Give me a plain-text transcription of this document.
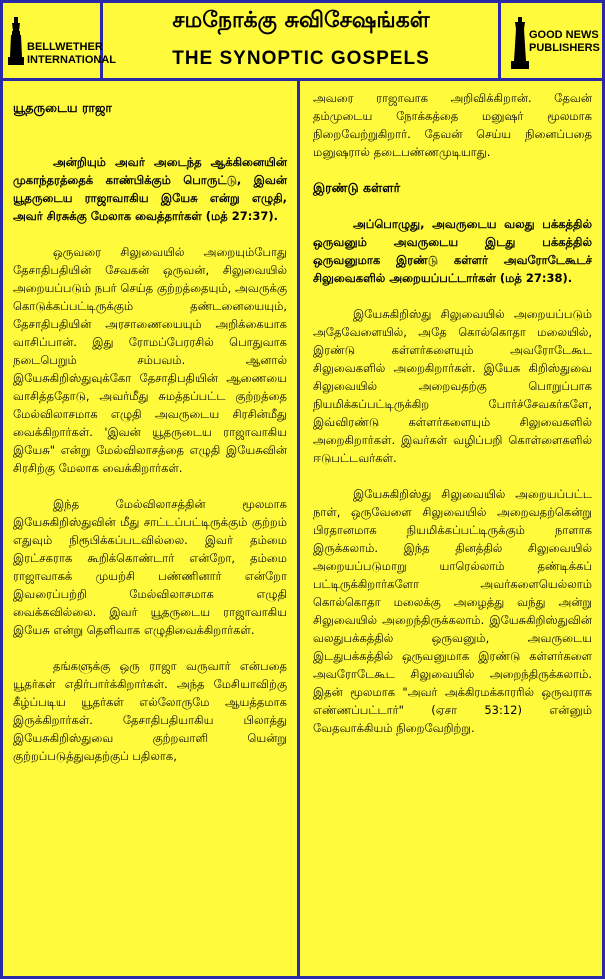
BELLWETHER
INTERNATIONAL
சமநோக்கு சுவிசேஷங்கள்
THE SYNOPTIC GOSPELS
GOOD NEWS
PUBLISHERS
யூதருடைய ராஜா

அன்றியும் அவர் அடைந்த ஆக்கினையின் முகாந்தரத்தைக் காண்பிக்கும் பொருட்டு, இவன் யூதருடைய ராஜாவாகிய இயேசு என்று எழுதி, அவர் சிரசுக்கு மேலாக வைத்தார்கள் (மத் 27:37).

ஒருவரை சிலுவையில் அறையும்போது தேசாதிபதியின் சேவகன் ஒருவன், சிலுவையில் அறையப்படும் நபர் செய்த குற்றத்தையும், அவருக்கு கொடுக்கப்பட்டிருக்கும் தண்டனையையும், தேசாதிபதியின் அரசாணையையும் அறிக்கையாக வாசிப்பான். இது ரோமப்பேரரசில் பொதுவாக நடைபெறும் சம்பவம். ஆனால் இயேசுகிறிஸ்துவுக்கோ தேசாதிபதியின் ஆணையை வாசித்ததோடு, அவர்மீது சுமத்தப்பட்ட குற்றத்தை மேல்விலாசமாக எழுதி அவருடைய சிரசின்மீது வைக்கிறார்கள். 'இவன் யூதருடைய ராஜாவாகிய இயேசு" என்று மேல்விலாசத்தை எழுதி இயேசுவின் சிரசிற்கு மேலாக வைக்கிறார்கள்.

இந்த மேல்விலாசத்தின் மூலமாக இயேசுகிறிஸ்துவின் மீது சாட்டப்பட்டிருக்கும் குற்றம் எதுவும் நிரூபிக்கப்படவில்லை. இவர் தம்மை இரட்சகராக கூறிக்கொண்டார் என்றோ, தம்மை ராஜாவாகக் முயற்சி பண்ணினார் என்றோ இவரைப்பற்றி மேல்விலாசமாக எழுதி வைக்கவில்லை. இவர் யூதருடைய ராஜாவாகிய இயேசு என்று தெளிவாக எழுதிவைக்கிறார்கள்.

தங்களுக்கு ஒரு ராஜா வருவார் என்பதை யூதர்கள் எதிர்பார்க்கிறார்கள். அந்த மேசியாவிற்கு கீழ்ப்படிய யூதர்கள் எல்லோருமே ஆயத்தமாக இருக்கிறார்கள். தேசாதிபதியாகிய பிலாத்து இயேசுகிறிஸ்துவை குற்றவாளி யென்று குற்றப்படுத்துவதற்குப் பதிலாக,

அவரை ராஜாவாக அறிவிக்கிறான். தேவன் தம்முடைய நோக்கத்தை மனுஷர் மூலமாக நிறைவேற்றுகிறார். தேவன் செய்ய நினைப்பதை மனுஷரால் தடைபண்ணமுடியாது.

இரண்டு கள்ளர்

அப்பொழுது, அவருடைய வலது பக்கத்தில் ஒருவனும் அவருடைய இடது பக்கத்தில் ஒருவனுமாக இரண்டு கள்ளர் அவரோடேகூடச் சிலுவைகளில் அறையப்பட்டார்கள் (மத் 27:38).

இயேசுகிறிஸ்து சிலுவையில் அறையப்படும் அதேவேளையில், அதே கொல்கொதா மலையில், இரண்டு கள்ளர்களையும் அவரோடேகூட சிலுவைகளில் அறைகிறார்கள். இயேசு கிறிஸ்துவை சிலுவையில் அறைவதற்கு பொறுப்பாக நியமிக்கப்பட்டிருக்கிற போர்ச்சேவகர்களே, இவ்விரண்டு கள்ளர்களையும் சிலுவைகளில் அறைகிறார்கள். இவர்கள் வழிப்பறி கொள்ளைகளில் ஈடுபட்டவர்கள்.

இயேசுகிறிஸ்து சிலுவையில் அறையப்பட்ட நாள், ஒருவேளை சிலுவையில் அறைவதற்கென்று பிரதானமாக நியமிக்கப்பட்டிருக்கும் நாளாக இருக்கலாம். இந்த தினத்தில் சிலுவையில் அறையப்படுமாறு யாரெல்லாம் தண்டிக்கப் பட்டிருக்கிறார்களோ அவர்களையெல்லாம் கொல்கொதா மலைக்கு அழைத்து வந்து அன்று சிலுவையில் அறைந்திருக்கலாம். இயேசுகிறிஸ்துவின் வலதுபக்கத்தில் ஒருவனும், அவருடைய இடதுபக்கத்தில் ஒருவனுமாக இரண்டு கள்ளர்களை அவரோடேகூட சிலுவையில் அறைந்திருக்கலாம். இதன் மூலமாக "அவர் அக்கிரமக்காரரில் ஒருவராக எண்ணப்பட்டார்" (ஏசா 53:12) என்னும் வேதவாக்கியம் நிறைவேறிற்று.
